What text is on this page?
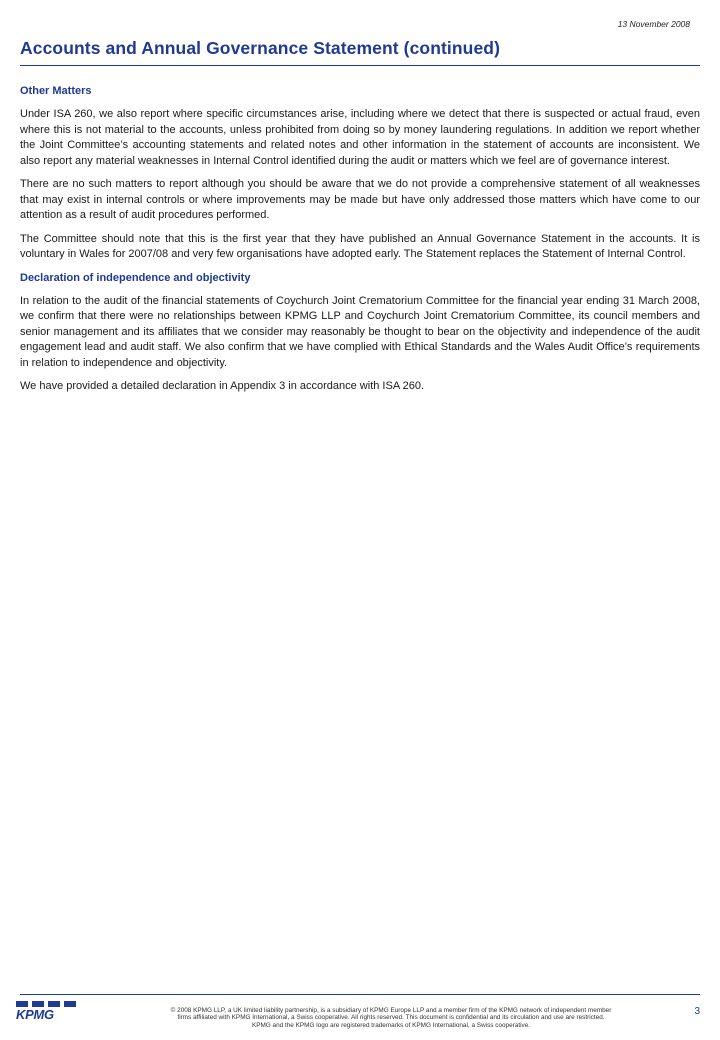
13 November 2008
Accounts and Annual Governance Statement (continued)
Other Matters

Under ISA 260, we also report where specific circumstances arise, including where we detect that there is suspected or actual fraud, even where this is not material to the accounts, unless prohibited from doing so by money laundering regulations. In addition we report whether the Joint Committee’s accounting statements and related notes and other information in the statement of accounts are inconsistent. We also report any material weaknesses in Internal Control identified during the audit or matters which we feel are of governance interest.

There are no such matters to report although you should be aware that we do not provide a comprehensive statement of all weaknesses that may exist in internal controls or where improvements may be made but have only addressed those matters which have come to our attention as a result of audit procedures performed.

The Committee should note that this is the first year that they have published an Annual Governance Statement in the accounts. It is voluntary in Wales for 2007/08 and very few organisations have adopted early. The Statement replaces the Statement of Internal Control.

Declaration of independence and objectivity

In relation to the audit of the financial statements of Coychurch Joint Crematorium Committee for the financial year ending 31 March 2008, we confirm that there were no relationships between KPMG LLP and Coychurch Joint Crematorium Committee, its council members and senior management and its affiliates that we consider may reasonably be thought to bear on the objectivity and independence of the audit engagement lead and audit staff. We also confirm that we have complied with Ethical Standards and the Wales Audit Office’s requirements in relation to independence and objectivity.

We have provided a detailed declaration in Appendix 3 in accordance with ISA 260.

KPMG	© 2008 KPMG LLP, a UK limited liability partnership, is a subsidiary of KPMG Europe LLP and a member firm of the KPMG network of independent member
firms affiliated with KPMG International, a Swiss cooperative. All rights reserved. This document is confidential and its circulation and use are restricted.
KPMG and the KPMG logo are registered trademarks of KPMG International, a Swiss cooperative.
3
